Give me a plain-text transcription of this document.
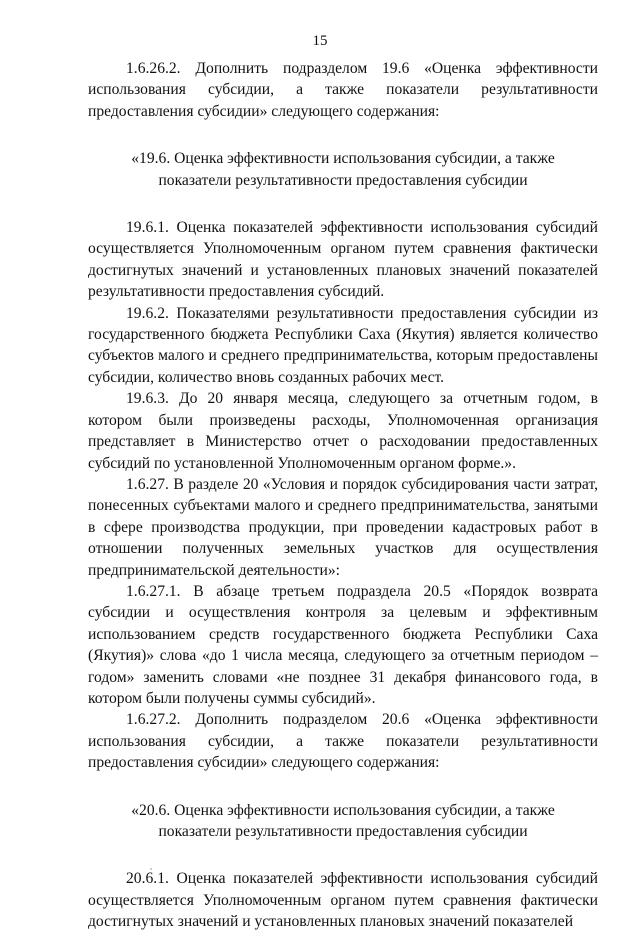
15

1.6.26.2. Дополнить подразделом 19.6 «Оценка эффективности использования субсидии, а также показатели результативности предоставления субсидии» следующего содержания:

«19.6. Оценка эффективности использования субсидии, а также показатели результативности предоставления субсидии

19.6.1. Оценка показателей эффективности использования субсидий осуществляется Уполномоченным органом путем сравнения фактически достигнутых значений и установленных плановых значений показателей результативности предоставления субсидий.

19.6.2. Показателями результативности предоставления субсидии из государственного бюджета Республики Саха (Якутия) является количество субъектов малого и среднего предпринимательства, которым предоставлены субсидии, количество вновь созданных рабочих мест.

19.6.3. До 20 января месяца, следующего за отчетным годом, в котором были произведены расходы, Уполномоченная организация представляет в Министерство отчет о расходовании предоставленных субсидий по установленной Уполномоченным органом форме.».

1.6.27. В разделе 20 «Условия и порядок субсидирования части затрат, понесенных субъектами малого и среднего предпринимательства, занятыми в сфере производства продукции, при проведении кадастровых работ в отношении полученных земельных участков для осуществления предпринимательской деятельности»:

1.6.27.1. В абзаце третьем подраздела 20.5 «Порядок возврата субсидии и осуществления контроля за целевым и эффективным использованием средств государственного бюджета Республики Саха (Якутия)» слова «до 1 числа месяца, следующего за отчетным периодом – годом» заменить словами «не позднее 31 декабря финансового года, в котором были получены суммы субсидий».

1.6.27.2. Дополнить подразделом 20.6 «Оценка эффективности использования субсидии, а также показатели результативности предоставления субсидии» следующего содержания:

«20.6. Оценка эффективности использования субсидии, а также показатели результативности предоставления субсидии

20.6.1. Оценка показателей эффективности использования субсидий осуществляется Уполномоченным органом путем сравнения фактически достигнутых значений и установленных плановых значений показателей
